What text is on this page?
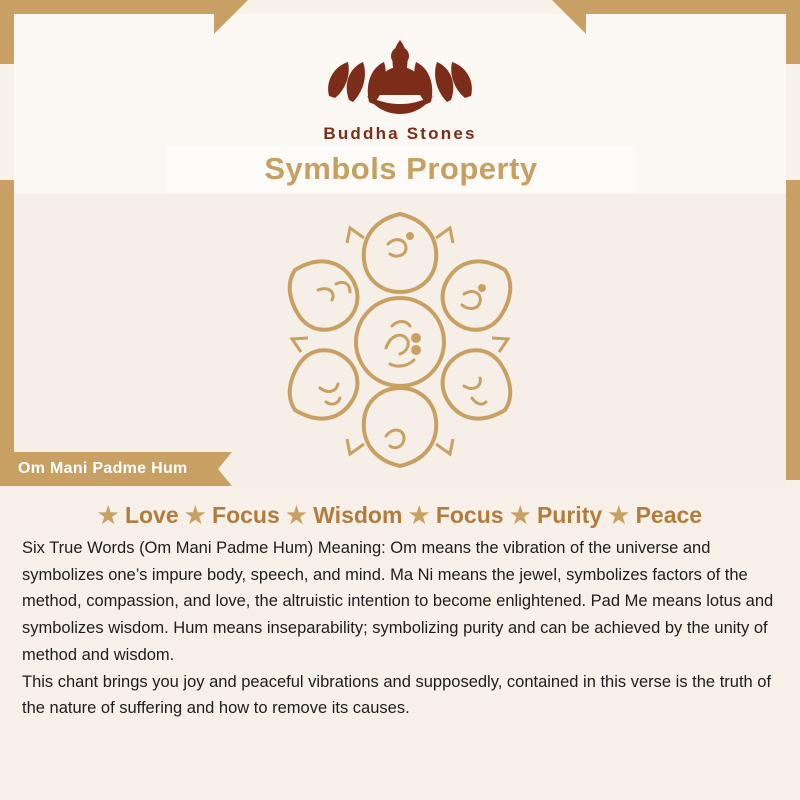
Buddha Stones
Symbols Property
Om Mani Padme Hum
★ Love ★ Focus ★ Wisdom ★ Focus ★ Purity ★ Peace

Six True Words (Om Mani Padme Hum) Meaning: Om means the vibration of the universe and symbolizes one’s impure body, speech, and mind. Ma Ni means the jewel, symbolizes factors of the method, compassion, and love, the altruistic intention to become enlightened. Pad Me means lotus and symbolizes wisdom. Hum means inseparability; symbolizing purity and can be achieved by the unity of method and wisdom.

This chant brings you joy and peaceful vibrations and supposedly, contained in this verse is the truth of the nature of suffering and how to remove its causes.
